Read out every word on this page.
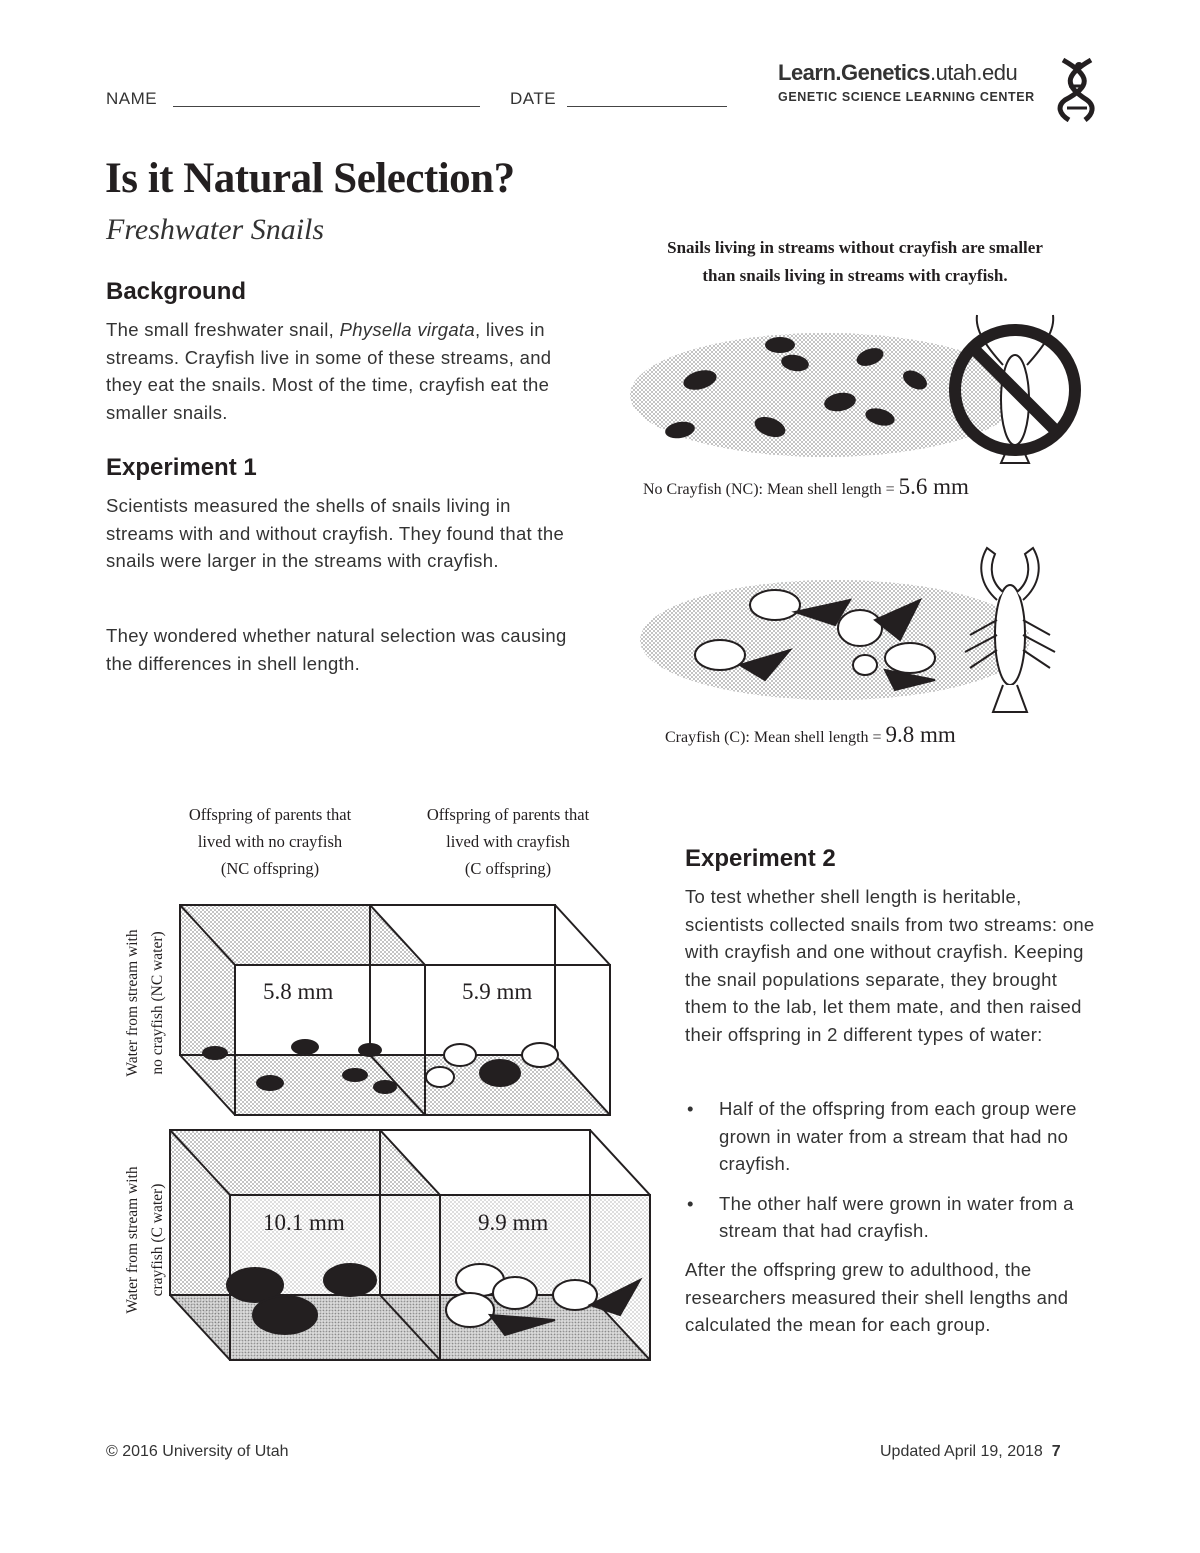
NAME	DATE
Learn.Genetics.utah.edu
GENETIC SCIENCE LEARNING CENTER
Is it Natural Selection?
Freshwater Snails
Background
The small freshwater snail, Physella virgata, lives in streams. Crayfish live in some of these streams, and they eat the snails. Most of the time, crayfish eat the smaller snails.
Experiment 1
Scientists measured the shells of snails living in streams with and without crayfish. They found that the snails were larger in the streams with crayfish.
They wondered whether natural selection was causing the differences in shell length.
Snails living in streams without crayfish are smaller
than snails living in streams with crayfish.
No Crayfish (NC): Mean shell length = 5.6 mm
Crayfish (C): Mean shell length = 9.8 mm
Offspring of parents that
lived with no crayfish
(NC offspring)
Offspring of parents that
lived with crayfish
(C offspring)
Water from stream with no crayfish (NC water)
Water from stream with crayfish (C water)
5.8 mm	5.9 mm
10.1 mm	9.9 mm
Experiment 2
To test whether shell length is heritable, scientists collected snails from two streams: one with crayfish and one without crayfish. Keeping the snail populations separate, they brought them to the lab, let them mate, and then raised their offspring in 2 different types of water:
• Half of the offspring from each group were grown in water from a stream that had no crayfish.
• The other half were grown in water from a stream that had crayfish.
After the offspring grew to adulthood, the researchers measured their shell lengths and calculated the mean for each group.
© 2016 University of Utah	Updated April 19, 2018 7
